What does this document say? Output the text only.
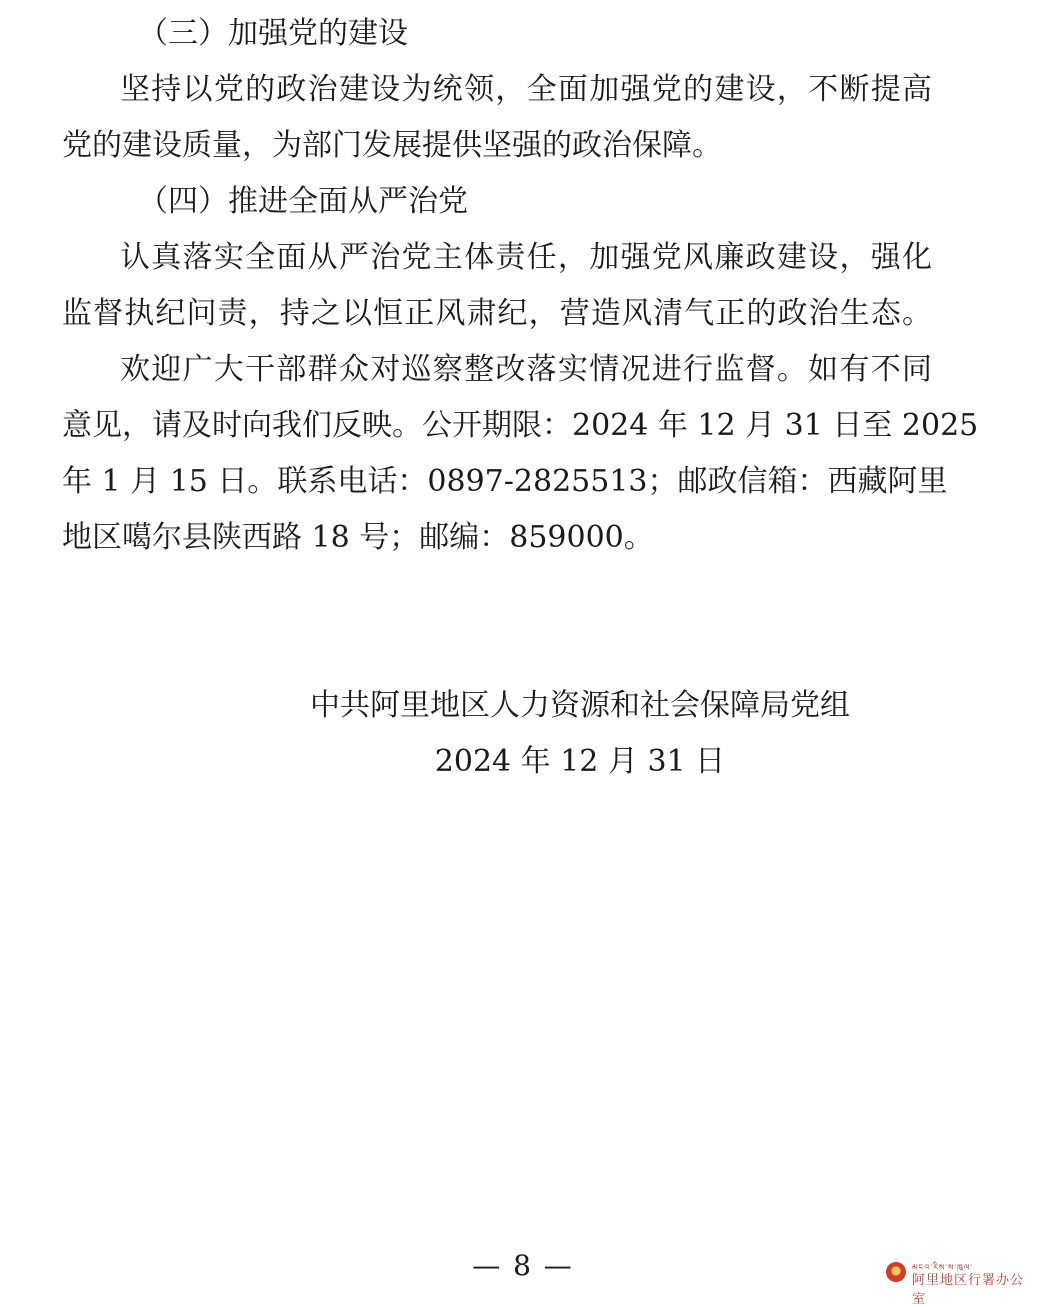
（三）加强党的建设
坚持以党的政治建设为统领，全面加强党的建设，不断提高
党的建设质量，为部门发展提供坚强的政治保障。
（四）推进全面从严治党
认真落实全面从严治党主体责任，加强党风廉政建设，强化
监督执纪问责，持之以恒正风肃纪，营造风清气正的政治生态。
欢迎广大干部群众对巡察整改落实情况进行监督。如有不同
意见，请及时向我们反映。公开期限：2024 年 12 月 31 日至 2025
年 1 月 15 日。联系电话：0897-2825513；邮政信箱：西藏阿里
地区噶尔县陕西路 18 号；邮编：859000。
中共阿里地区人力资源和社会保障局党组
2024 年 12 月 31 日
— 8 —	མངའ་རིས་ས་ཁུལ་
阿里地区行署办公室
